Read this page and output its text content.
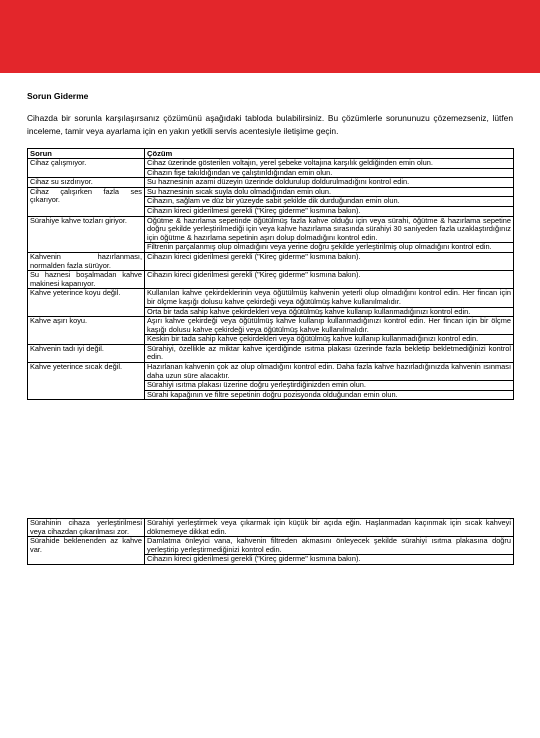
Sorun Giderme
Cihazda bir sorunla karşılaşırsanız çözümünü aşağıdaki tabloda bulabilirsiniz. Bu çözümlerle sorununuzu çözemezseniz, lütfen inceleme, tamir veya ayarlama için en yakın yetkili servis acentesiyle iletişime geçin.
Sorun	Çözüm
Cihaz çalışmıyor.	Cihaz üzerinde gösterilen voltajın, yerel şebeke voltajına karşılık geldiğinden emin olun.
	Cihazın fişe takıldığından ve çalıştırıldığından emin olun.
Cihaz su sızdırıyor.	Su haznesinin azami düzeyin üzerinde doldurulup doldurulmadığını kontrol edin.
Cihaz çalışırken fazla ses çıkarıyor.	Su haznesinin sıcak suyla dolu olmadığından emin olun.
	Cihazın, sağlam ve düz bir yüzeyde sabit şekilde dik durduğundan emin olun.
	Cihazın kireci giderilmesi gerekli ("Kireç giderme" kısmına bakın).
Sürahiye kahve tozları giriyor.	Öğütme & hazırlama sepetinde öğütülmüş fazla kahve olduğu için veya sürahi, öğütme & hazırlama sepetine doğru şekilde yerleştirilmediği için veya kahve hazırlama sırasında sürahiyi 30 saniyeden fazla uzaklaştırdığınız için öğütme & hazırlama sepetinin aşırı dolup dolmadığını kontrol edin.
	Filtrenin parçalanmış olup olmadığını veya yerine doğru şekilde yerleştirilmiş olup olmadığını kontrol edin.
Kahvenin hazırlanması, normalden fazla sürüyor.	Cihazın kireci giderilmesi gerekli ("Kireç giderme" kısmına bakın).
Su haznesi boşalmadan kahve makinesi kapanıyor.	Cihazın kireci giderilmesi gerekli ("Kireç giderme" kısmına bakın).
Kahve yeterince koyu değil.	Kullanılan kahve çekirdeklerinin veya öğütülmüş kahvenin yeterli olup olmadığını kontrol edin. Her fincan için bir ölçme kaşığı dolusu kahve çekirdeği veya öğütülmüş kahve kullanılmalıdır.
	Orta bir tada sahip kahve çekirdekleri veya öğütülmüş kahve kullanıp kullanmadığınızı kontrol edin.
Kahve aşırı koyu.	Aşırı kahve çekirdeği veya öğütülmüş kahve kullanıp kullanmadığınızı kontrol edin. Her fincan için bir ölçme kaşığı dolusu kahve çekirdeği veya öğütülmüş kahve kullanılmalıdır.
	Keskin bir tada sahip kahve çekirdekleri veya öğütülmüş kahve kullanıp kullanmadığınızı kontrol edin.
Kahvenin tadı iyi değil.	Sürahiyi, özellikle az miktar kahve içerdiğinde ısıtma plakası üzerinde fazla bekletip bekletmediğinizi kontrol edin.
Kahve yeterince sıcak değil.	Hazırlanan kahvenin çok az olup olmadığını kontrol edin. Daha fazla kahve hazırladığınızda kahvenin ısınması daha uzun süre alacaktır.
	Sürahiyi ısıtma plakası üzerine doğru yerleştirdiğinizden emin olun.
	Sürahi kapağının ve filtre sepetinin doğru pozisyonda olduğundan emin olun.
Sürahinin cihaza yerleştirilmesi veya cihazdan çıkarılması zor.	Sürahiyi yerleştirmek veya çıkarmak için küçük bir açıda eğin. Haşlanmadan kaçınmak için sıcak kahveyi dökmemeye dikkat edin.
Sürahide beklenenden az kahve var.	Damlatma önleyici vana, kahvenin filtreden akmasını önleyecek şekilde sürahiyi ısıtma plakasına doğru yerleştirip yerleştirmediğinizi kontrol edin.
	Cihazın kireci giderilmesi gerekli ("Kireç giderme" kısmına bakın).
